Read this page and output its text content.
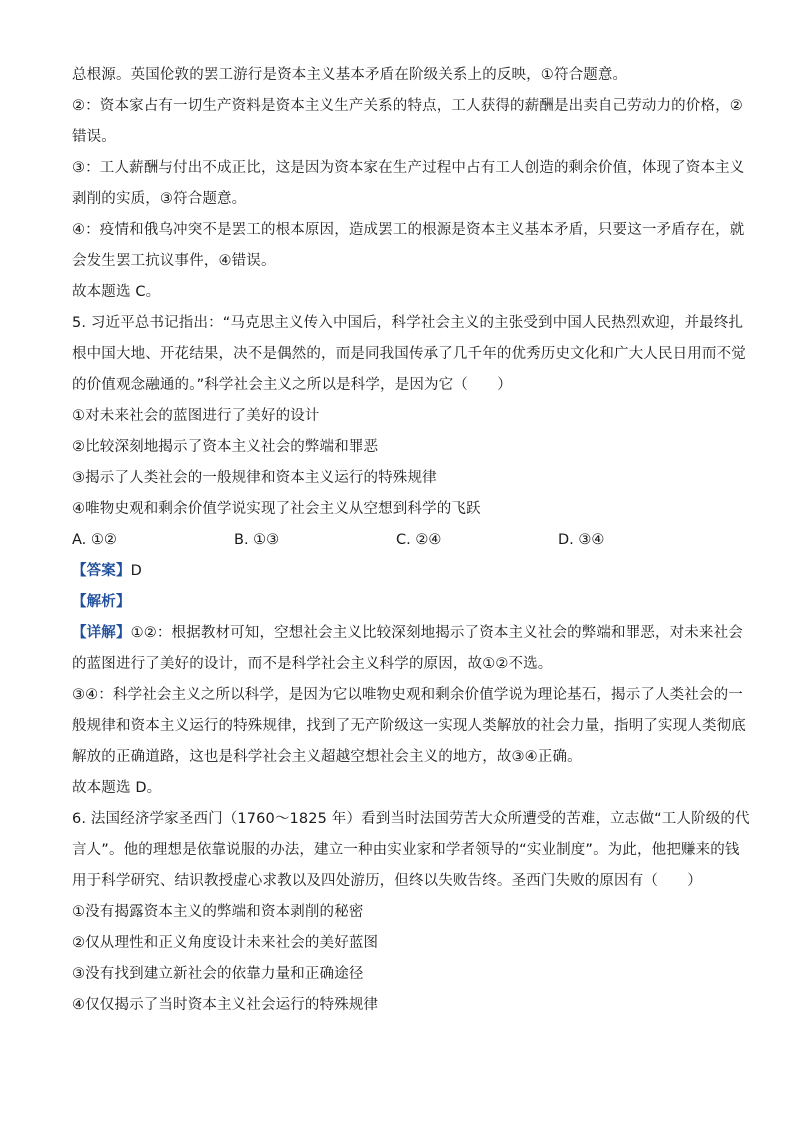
总根源。英国伦敦的罢工游行是资本主义基本矛盾在阶级关系上的反映，①符合题意。
②：资本家占有一切生产资料是资本主义生产关系的特点，工人获得的薪酬是出卖自己劳动力的价格，②
错误。
③：工人薪酬与付出不成正比，这是因为资本家在生产过程中占有工人创造的剩余价值，体现了资本主义
剥削的实质，③符合题意。
④：疫情和俄乌冲突不是罢工的根本原因，造成罢工的根源是资本主义基本矛盾，只要这一矛盾存在，就
会发生罢工抗议事件，④错误。
故本题选 C。
5. 习近平总书记指出：“马克思主义传入中国后，科学社会主义的主张受到中国人民热烈欢迎，并最终扎
根中国大地、开花结果，决不是偶然的，而是同我国传承了几千年的优秀历史文化和广大人民日用而不觉
的价值观念融通的。”科学社会主义之所以是科学，是因为它（　　）
①对未来社会的蓝图进行了美好的设计
②比较深刻地揭示了资本主义社会的弊端和罪恶
③揭示了人类社会的一般规律和资本主义运行的特殊规律
④唯物史观和剩余价值学说实现了社会主义从空想到科学的飞跃
A. ①②	B. ①③	C. ②④	D. ③④
【答案】D
【解析】
【详解】①②：根据教材可知，空想社会主义比较深刻地揭示了资本主义社会的弊端和罪恶，对未来社会
的蓝图进行了美好的设计，而不是科学社会主义科学的原因，故①②不选。
③④：科学社会主义之所以科学，是因为它以唯物史观和剩余价值学说为理论基石，揭示了人类社会的一
般规律和资本主义运行的特殊规律，找到了无产阶级这一实现人类解放的社会力量，指明了实现人类彻底
解放的正确道路，这也是科学社会主义超越空想社会主义的地方，故③④正确。
故本题选 D。
6. 法国经济学家圣西门（1760～1825 年）看到当时法国劳苦大众所遭受的苦难，立志做“工人阶级的代
言人”。他的理想是依靠说服的办法，建立一种由实业家和学者领导的“实业制度”。为此，他把赚来的钱
用于科学研究、结识教授虚心求教以及四处游历，但终以失败告终。圣西门失败的原因有（　　）
①没有揭露资本主义的弊端和资本剥削的秘密
②仅从理性和正义角度设计未来社会的美好蓝图
③没有找到建立新社会的依靠力量和正确途径
④仅仅揭示了当时资本主义社会运行的特殊规律
